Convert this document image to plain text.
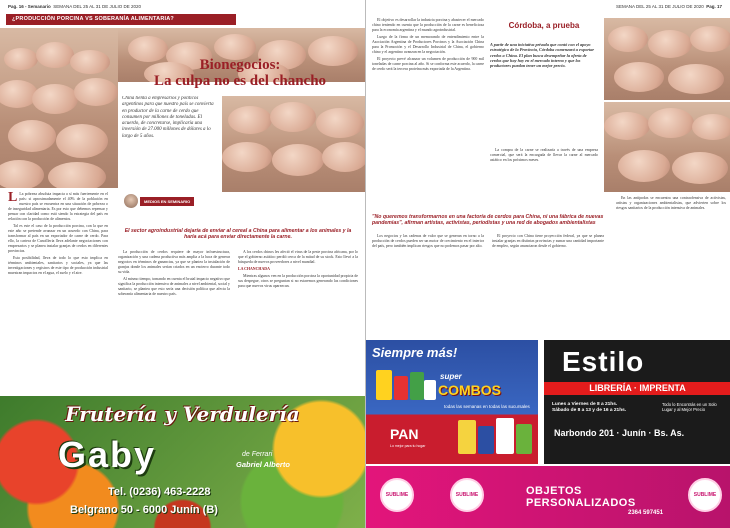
Pag. 16 - Semanario SEMANA DEL 25 AL 31 DE JULIO DE 2020
¿PRODUCCIÓN PORCINA VS SOBERANÍA ALIMENTARIA?
Bionegocios:
La culpa no es del chancho
China tienta a empresarios y políticos argentinos para que nuestro país se convierta en productor de la carne de cerdo que consumen por millones de toneladas. El acuerdo, de concretarse, implicaría una inversión de 27.000 millones de dólares a lo largo de 5 años.
MEDIOS EN SEMINARIO

L La pobreza absoluta impacta a sí más fuertemente en el país: si aproximadamente el 40% de la población en nuestro país se encuentra en una situación de pobreza o de inseguridad alimentaria. Es por esto que debemos repensar y pensar con claridad como está siendo la estrategia del país en relación con la producción de alimentos.

Tal es este el caso de la producción porcina, con la que en este año se pretende avanzar en un acuerdo con China, para transformar al país en un exportador de carne de cerdo. Para ello, la cartera de Cancillería lleva adelante negociaciones con empresarios y se planea instalar granjas de cerdos en diferentes provincias.

Esta posibilidad, lleva de todo lo que esto implica en términos ambientales, sanitarios y sociales, ya que las investigaciones y registros de este tipo de producción industrial muestran impactos en el agua, el suelo y el aire.

El sector agroindustrial dejaría de enviar al cereal a China para alimentar a los animales y la haría acá para enviar directamente la carne.

La producción de cerdos requiere de mayor infraestructura, organización y una cadena productiva más amplia a la hora de generar negocios en términos de ganancias, ya que se plantea la instalación de granjas donde los animales serían criados en un encierro durante todo su vida.

Al mismo tiempo, tomando en cuenta el brutal impacto negativo que significa la producción intensiva de animales a nivel ambiental, social y sanitario, se plantea que esto sería una decisión política que afecta la soberanía alimentaria de nuestro país.

A los cerdos chinos les afectó el virus de la peste porcina africana, por lo que el gobierno asiático perdió cerca de la mitad de su stock. Esto llevó a la búsqueda de nuevos proveedores a nivel mundial.

LA CHANCHADA

Mientras algunos ven en la producción porcina la oportunidad propicia de sus despegue, otros se preguntan si no estaremos generando las condiciones para que nuevos virus aparezcan.

Frutería y Verdulería
Gaby	de Ferrari
Gabriel Alberto
Tel. (0236) 463-2228
Belgrano 50 - 6000 Junín (B)
SEMANA DEL 25 AL 31 DE JULIO DE 2020 Pag. 17

El objetivo es desarrollar la industria porcina y abastecer el mercado chino teniendo en cuenta que la producción de la carne es beneficiosa para la economía argentina y el mundo agroindustrial.

Luego de la firma de un memorando de entendimiento entre la Asociación Argentina de Productores Porcinos y la Asociación China para la Promoción y el Desarrollo Industrial de China, el gobierno chino y el argentino avanzan en la negociación.

El proyecto prevé alcanzar un volumen de producción de 900 mil toneladas de carne porcina al año. Si se conforma este acuerdo, la carne de cerdo será la tercera proteína más exportada de la Argentina.

Córdoba, a prueba
A partir de una iniciativa privada que contó con el apoyo estratégico de la Provincia, Córdoba comenzará a exportar cerdos a China. El plan busca desempeñar la oferta de cerdos que hay hoy en el mercado interno y que los productores puedan tener un mejor precio.

La compra de la carne se realizaría a través de una empresa comercial, que será la encargada de llevar la carne al mercado asiático en los próximos meses.

"No queremos transformarnos en una factoría de cerdos para China, ni una fábrica de nuevas pandemias", afirman artistas, activistas, periodistas y una red de abogados ambientalistas

Los negocios y las cadenas de valor que se generan en torno a la producción de cerdos pueden ser un motor de crecimiento en el interior del país, pero también implican riesgos que no podemos pasar por alto.

El proyecto con China tiene proyección federal, ya que se planea instalar granjas en distintas provincias y sumar una cantidad importante de empleo, según anunciaron desde el gobierno.

En las antípodas se encuentra una contraofensiva de activistas, artistas y organizaciones ambientalistas, que advierten sobre los riesgos sanitarios de la producción intensiva de animales.

Siempre más!
super
COMBOS
todas las semanas en todas las sucursales
PAN
Lo mejor para tu hogar
Estilo
LIBRERÍA · IMPRENTA
Lunes a Viernes de 8 a 21hs.
Sábado de 8 a 13 y de 16 a 21hs.
Todo lo Encontrás en un Solo Lugar y al Mejor Precio
Narbondo 201 · Junín · Bs. As.
SUBLIME	SUBLIME	OBJETOS
PERSONALIZADOS
2364 597451
SUBLIME
